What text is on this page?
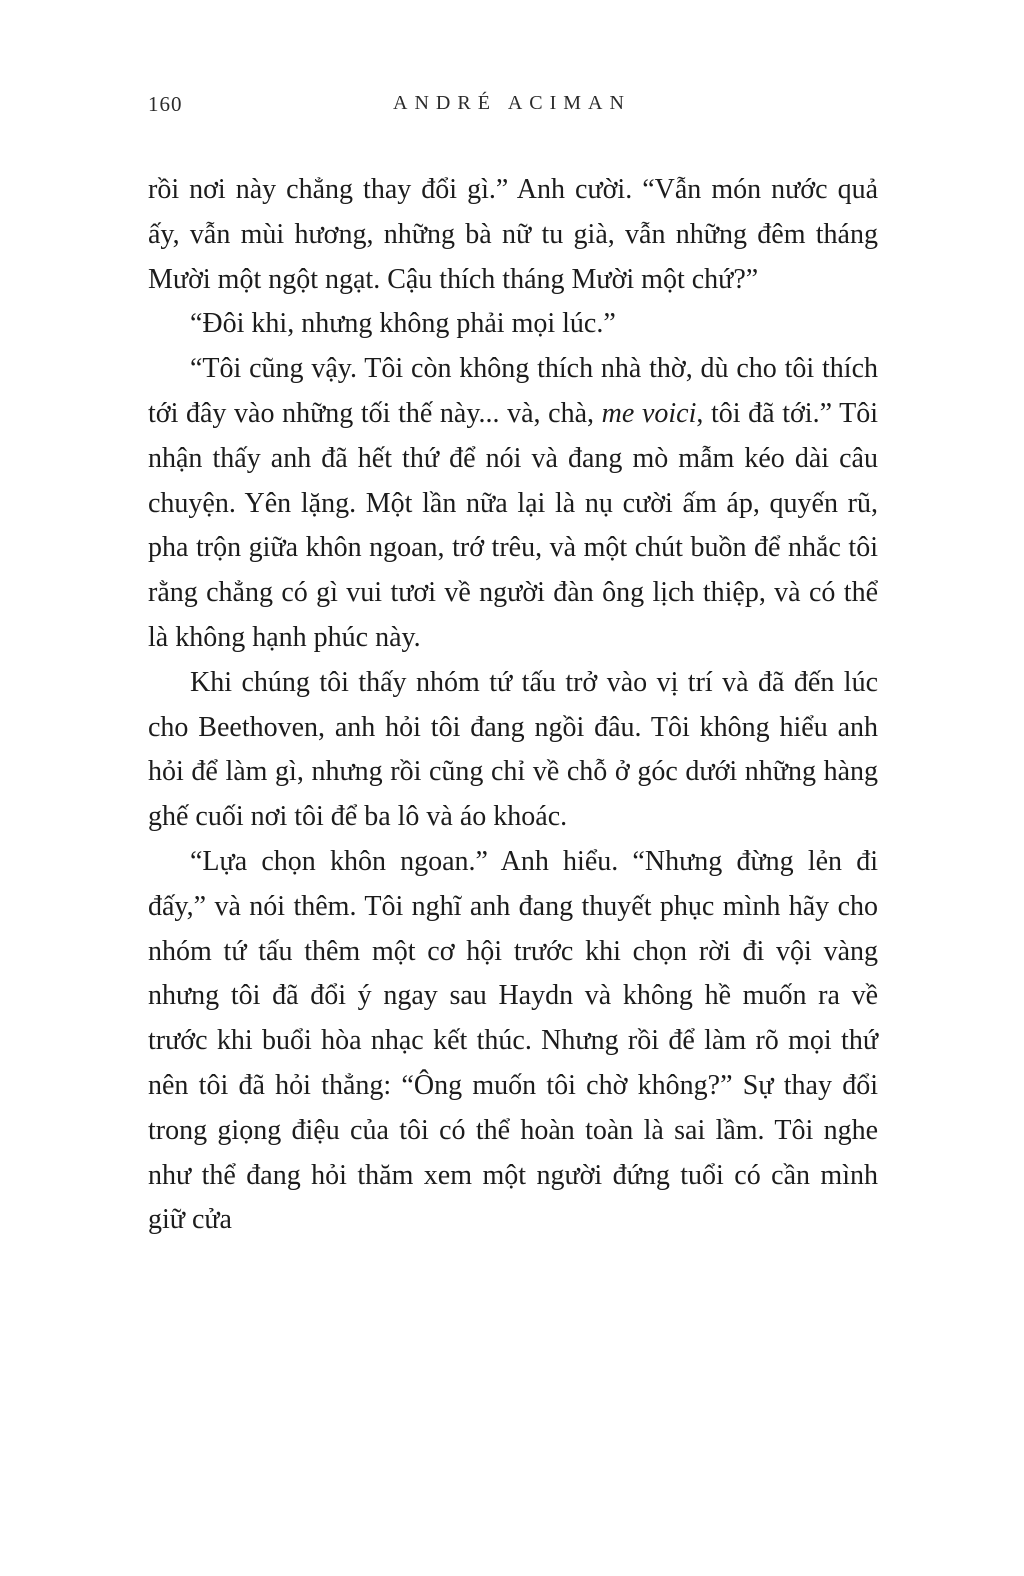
160	ANDRÉ ACIMAN

rồi nơi này chẳng thay đổi gì.” Anh cười. “Vẫn món nước quả ấy, vẫn mùi hương, những bà nữ tu già, vẫn những đêm tháng Mười một ngột ngạt. Cậu thích tháng Mười một chứ?”

“Đôi khi, nhưng không phải mọi lúc.”

“Tôi cũng vậy. Tôi còn không thích nhà thờ, dù cho tôi thích tới đây vào những tối thế này... và, chà, me voici, tôi đã tới.” Tôi nhận thấy anh đã hết thứ để nói và đang mò mẫm kéo dài câu chuyện. Yên lặng. Một lần nữa lại là nụ cười ấm áp, quyến rũ, pha trộn giữa khôn ngoan, trớ trêu, và một chút buồn để nhắc tôi rằng chẳng có gì vui tươi về người đàn ông lịch thiệp, và có thể là không hạnh phúc này.

Khi chúng tôi thấy nhóm tứ tấu trở vào vị trí và đã đến lúc cho Beethoven, anh hỏi tôi đang ngồi đâu. Tôi không hiểu anh hỏi để làm gì, nhưng rồi cũng chỉ về chỗ ở góc dưới những hàng ghế cuối nơi tôi để ba lô và áo khoác.

“Lựa chọn khôn ngoan.” Anh hiểu. “Nhưng đừng lẻn đi đấy,” và nói thêm. Tôi nghĩ anh đang thuyết phục mình hãy cho nhóm tứ tấu thêm một cơ hội trước khi chọn rời đi vội vàng nhưng tôi đã đổi ý ngay sau Haydn và không hề muốn ra về trước khi buổi hòa nhạc kết thúc. Nhưng rồi để làm rõ mọi thứ nên tôi đã hỏi thẳng: “Ông muốn tôi chờ không?” Sự thay đổi trong giọng điệu của tôi có thể hoàn toàn là sai lầm. Tôi nghe như thể đang hỏi thăm xem một người đứng tuổi có cần mình giữ cửa
